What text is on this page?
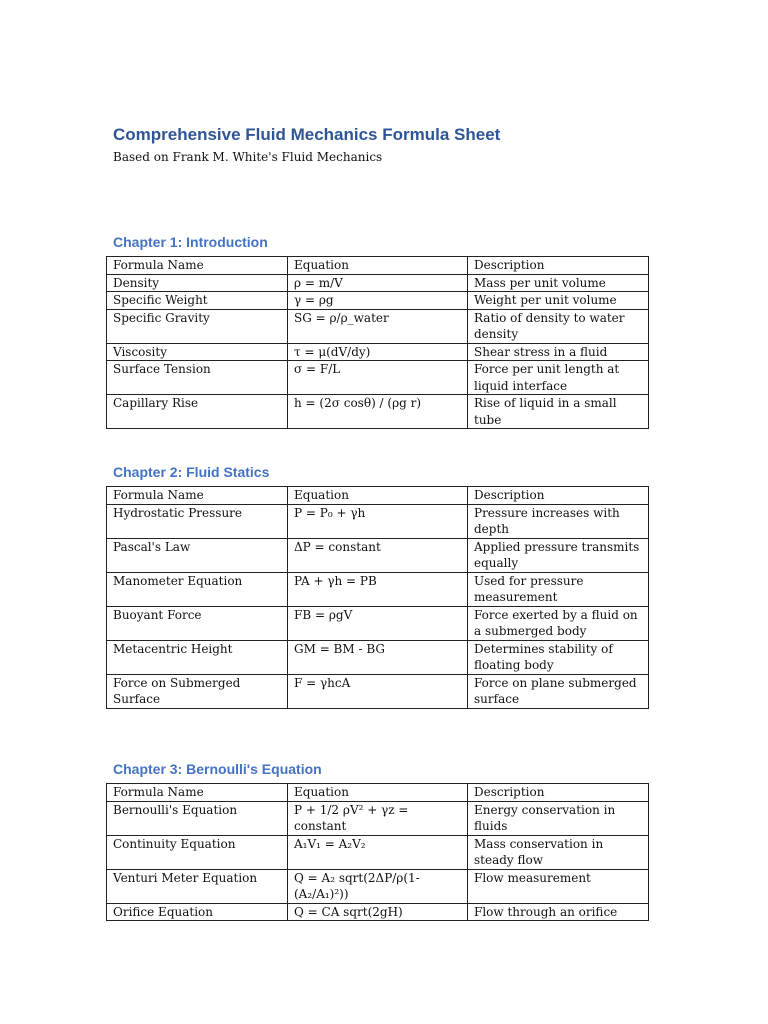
Comprehensive Fluid Mechanics Formula Sheet
Based on Frank M. White's Fluid Mechanics
Chapter 1: Introduction
Formula Name	Equation	Description
Density	ρ = m/V	Mass per unit volume
Specific Weight	γ = ρg	Weight per unit volume
Specific Gravity	SG = ρ/ρ_water	Ratio of density to water density
Viscosity	τ = μ(dV/dy)	Shear stress in a fluid
Surface Tension	σ = F/L	Force per unit length at liquid interface
Capillary Rise	h = (2σ cosθ) / (ρg r)	Rise of liquid in a small tube
Chapter 2: Fluid Statics
Formula Name	Equation	Description
Hydrostatic Pressure	P = P₀ + γh	Pressure increases with depth
Pascal's Law	ΔP = constant	Applied pressure transmits equally
Manometer Equation	PA + γh = PB	Used for pressure measurement
Buoyant Force	FB = ρgV	Force exerted by a fluid on a submerged body
Metacentric Height	GM = BM - BG	Determines stability of floating body
Force on Submerged Surface	F = γhcA	Force on plane submerged surface
Chapter 3: Bernoulli's Equation
Formula Name	Equation	Description
Bernoulli's Equation	P + 1/2 ρV² + γz = constant	Energy conservation in fluids
Continuity Equation	A₁V₁ = A₂V₂	Mass conservation in steady flow
Venturi Meter Equation	Q = A₂ sqrt(2ΔP/ρ(1-(A₂/A₁)²))	Flow measurement
Orifice Equation	Q = CA sqrt(2gH)	Flow through an orifice
